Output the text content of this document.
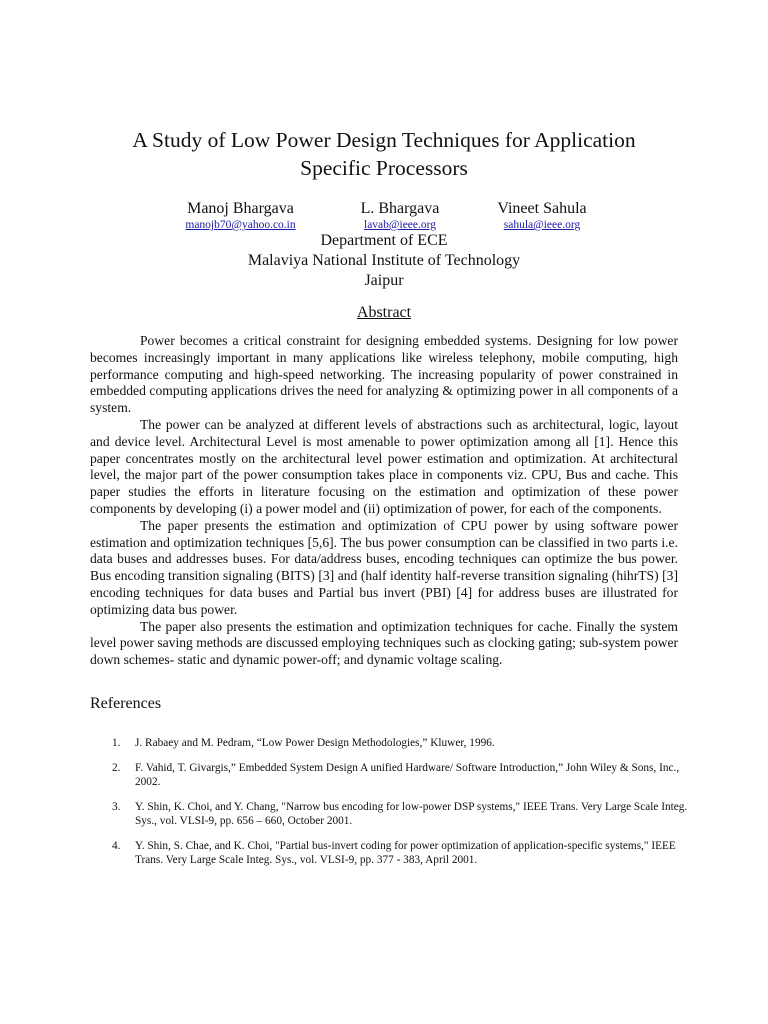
A Study of Low Power Design Techniques for Application
Specific Processors
Manoj Bhargava
manojb70@yahoo.co.in
L. Bhargava
lavab@ieee.org
Vineet Sahula
sahula@ieee.org

Department of ECE

Malaviya National Institute of Technology

Jaipur

Abstract

Power becomes a critical constraint for designing embedded systems. Designing for low power becomes increasingly important in many applications like wireless telephony, mobile computing, high performance computing and high-speed networking. The increasing popularity of power constrained in embedded computing applications drives the need for analyzing & optimizing power in all components of a system.

The power can be analyzed at different levels of abstractions such as architectural, logic, layout and device level. Architectural Level is most amenable to power optimization among all [1]. Hence this paper concentrates mostly on the architectural level power estimation and optimization. At architectural level, the major part of the power consumption takes place in components viz. CPU, Bus and cache. This paper studies the efforts in literature focusing on the estimation and optimization of these power components by developing (i) a power model and (ii) optimization of power, for each of the components.

The paper presents the estimation and optimization of CPU power by using software power estimation and optimization techniques [5,6]. The bus power consumption can be classified in two parts i.e. data buses and addresses buses. For data/address buses, encoding techniques can optimize the bus power. Bus encoding transition signaling (BITS) [3] and (half identity half-reverse transition signaling (hihrTS) [3] encoding techniques for data buses and Partial bus invert (PBI) [4] for address buses are illustrated for optimizing data bus power.

The paper also presents the estimation and optimization techniques for cache. Finally the system level power saving methods are discussed employing techniques such as clocking gating; sub-system power down schemes- static and dynamic power-off; and dynamic voltage scaling.

References
1. J. Rabaey and M. Pedram, “Low Power Design Methodologies,” Kluwer, 1996.
2. F. Vahid, T. Givargis,” Embedded System Design A unified Hardware/ Software Introduction,” John Wiley & Sons, Inc., 2002.
3. Y. Shin, K. Choi, and Y. Chang, "Narrow bus encoding for low-power DSP systems," IEEE Trans. Very Large Scale Integ. Sys., vol. VLSI-9, pp. 656 – 660, October 2001.
4. Y. Shin, S. Chae, and K. Choi, "Partial bus-invert coding for power optimization of application-specific systems," IEEE Trans. Very Large Scale Integ. Sys., vol. VLSI-9, pp. 377 - 383, April 2001.
